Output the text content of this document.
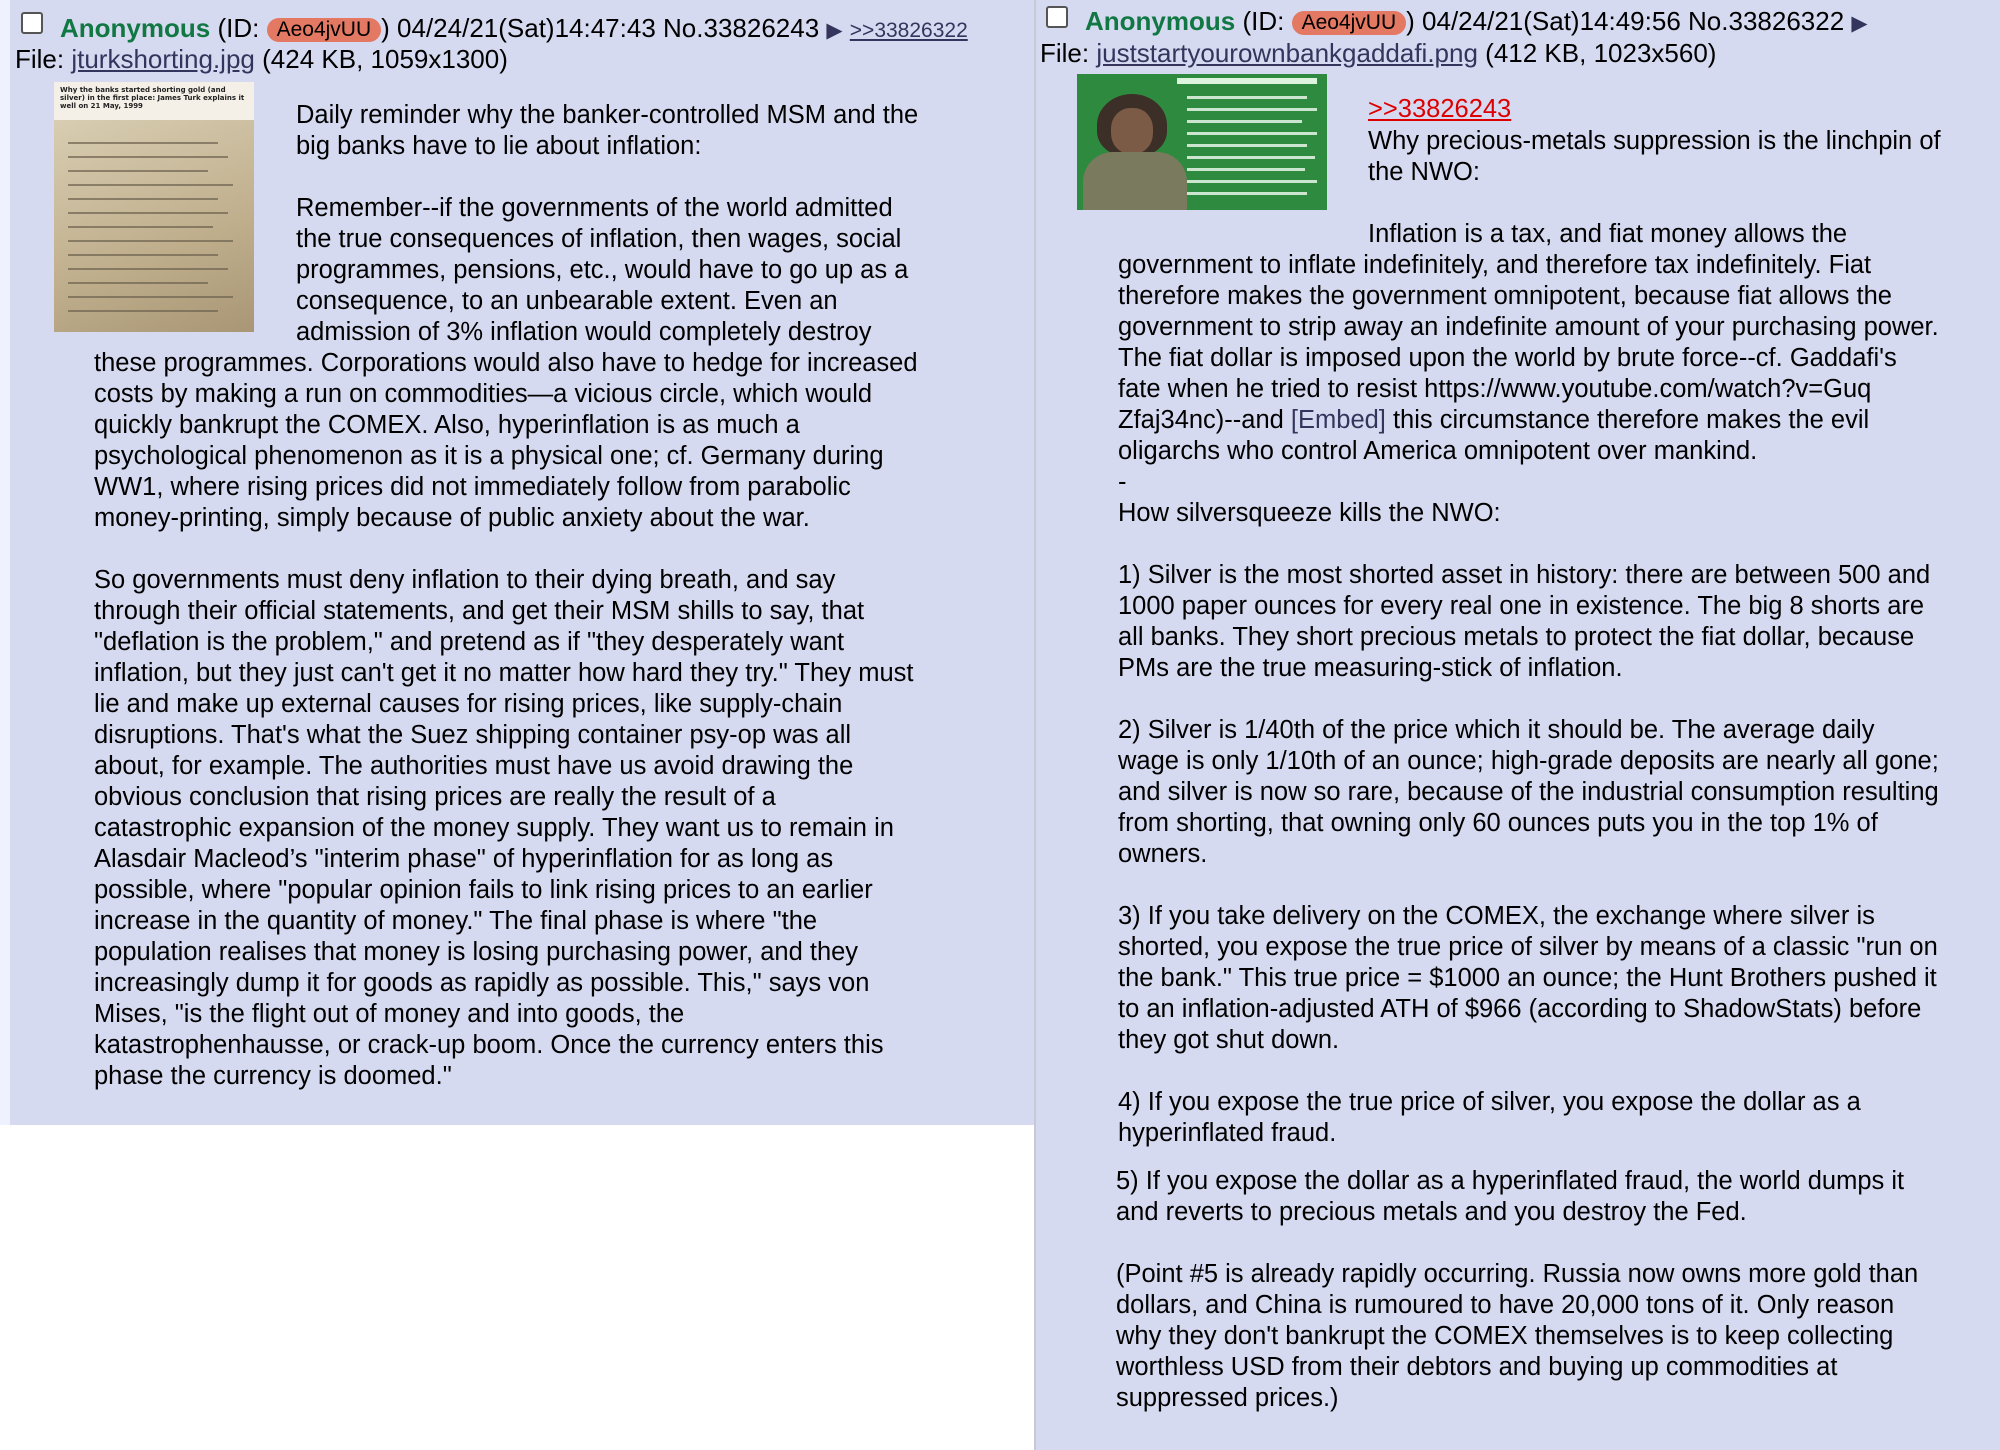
Anonymous (ID: Aeo4jvUU ) 04/24/21(Sat)14:47:43 No.33826243 ▶ >>33826322
File: jturkshorting.jpg (424 KB, 1059x1300)
Why the banks started shorting gold (and silver) in the first place: James Turk explains it well on 21 May, 1999	Daily reminder why the banker-controlled MSM and the
big banks have to lie about inflation:

Remember--if the governments of the world admitted
the true consequences of inflation, then wages, social
programmes, pensions, etc., would have to go up as a
consequence, to an unbearable extent. Even an
admission of 3% inflation would completely destroy
these programmes. Corporations would also have to hedge for increased
costs by making a run on commodities—a vicious circle, which would
quickly bankrupt the COMEX. Also, hyperinflation is as much a
psychological phenomenon as it is a physical one; cf. Germany during
WW1, where rising prices did not immediately follow from parabolic
money-printing, simply because of public anxiety about the war.

So governments must deny inflation to their dying breath, and say
through their official statements, and get their MSM shills to say, that
"deflation is the problem," and pretend as if "they desperately want
inflation, but they just can't get it no matter how hard they try." They must
lie and make up external causes for rising prices, like supply-chain
disruptions. That's what the Suez shipping container psy-op was all
about, for example. The authorities must have us avoid drawing the
obvious conclusion that rising prices are really the result of a
catastrophic expansion of the money supply. They want us to remain in
Alasdair Macleod’s "interim phase" of hyperinflation for as long as
possible, where "popular opinion fails to link rising prices to an earlier
increase in the quantity of money." The final phase is where "the
population realises that money is losing purchasing power, and they
increasingly dump it for goods as rapidly as possible. This," says von
Mises, "is the flight out of money and into goods, the
katastrophenhausse, or crack-up boom. Once the currency enters this
phase the currency is doomed."
Anonymous (ID: Aeo4jvUU ) 04/24/21(Sat)14:49:56 No.33826322 ▶
File: juststartyourownbankgaddafi.png (412 KB, 1023x560)
>>33826243
Why precious-metals suppression is the linchpin of
the NWO:

Inflation is a tax, and fiat money allows the
government to inflate indefinitely, and therefore tax indefinitely. Fiat
therefore makes the government omnipotent, because fiat allows the
government to strip away an indefinite amount of your purchasing power.
The fiat dollar is imposed upon the world by brute force--cf. Gaddafi's
fate when he tried to resist https://www.youtube.com/watch?v=Guq
Zfaj34nc)--and [Embed] this circumstance therefore makes the evil
oligarchs who control America omnipotent over mankind.
-
How silversqueeze kills the NWO:

1) Silver is the most shorted asset in history: there are between 500 and
1000 paper ounces for every real one in existence. The big 8 shorts are
all banks. They short precious metals to protect the fiat dollar, because
PMs are the true measuring-stick of inflation.

2) Silver is 1/40th of the price which it should be. The average daily
wage is only 1/10th of an ounce; high-grade deposits are nearly all gone;
and silver is now so rare, because of the industrial consumption resulting
from shorting, that owning only 60 ounces puts you in the top 1% of
owners.

3) If you take delivery on the COMEX, the exchange where silver is
shorted, you expose the true price of silver by means of a classic "run on
the bank." This true price = $1000 an ounce; the Hunt Brothers pushed it
to an inflation-adjusted ATH of $966 (according to ShadowStats) before
they got shut down.

4) If you expose the true price of silver, you expose the dollar as a
hyperinflated fraud.
5) If you expose the dollar as a hyperinflated fraud, the world dumps it
and reverts to precious metals and you destroy the Fed.

(Point #5 is already rapidly occurring. Russia now owns more gold than
dollars, and China is rumoured to have 20,000 tons of it. Only reason
why they don't bankrupt the COMEX themselves is to keep collecting
worthless USD from their debtors and buying up commodities at
suppressed prices.)
